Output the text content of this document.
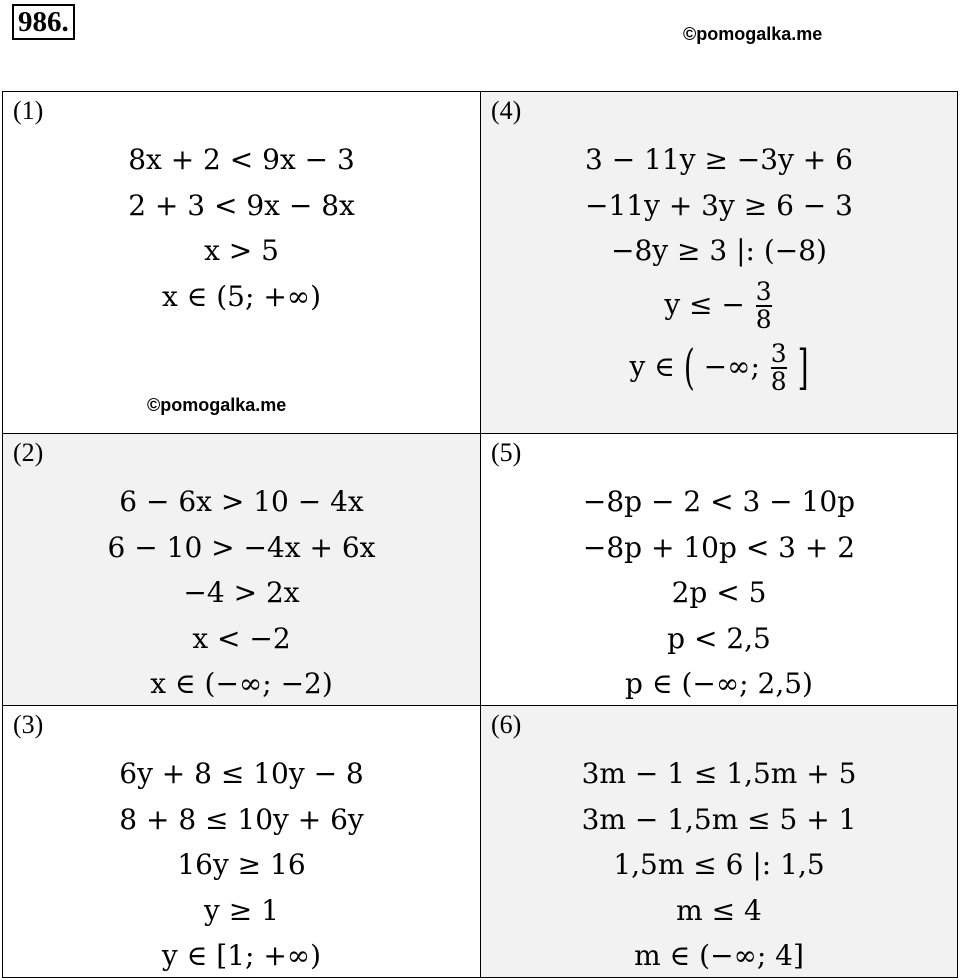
986.	©pomogalka.me
(1)
8x + 2 < 9x − 3
2 + 3 < 9x − 8x
x > 5
x ∈ (5; +∞)
(4)
3 − 11y ≥ −3y + 6
−11y + 3y ≥ 6 − 3
−8y ≥ 3 |: (−8)
y ≤ − $\frac{3}{8}$
y ∈ ( −∞; $\frac{3}{8}$ ]
(2)
6 − 6x > 10 − 4x
6 − 10 > −4x + 6x
−4 > 2x
x < −2
x ∈ (−∞; −2)
(5)
−8p − 2 < 3 − 10p
−8p + 10p < 3 + 2
2p < 5
p < 2,5
p ∈ (−∞; 2,5)
(3)
6y + 8 ≤ 10y − 8
8 + 8 ≤ 10y + 6y
16y ≥ 16
y ≥ 1
y ∈ [1; +∞)
(6)
3m − 1 ≤ 1,5m + 5
3m − 1,5m ≤ 5 + 1
1,5m ≤ 6 |: 1,5
m ≤ 4
m ∈ (−∞; 4]
©pomogalka.me
